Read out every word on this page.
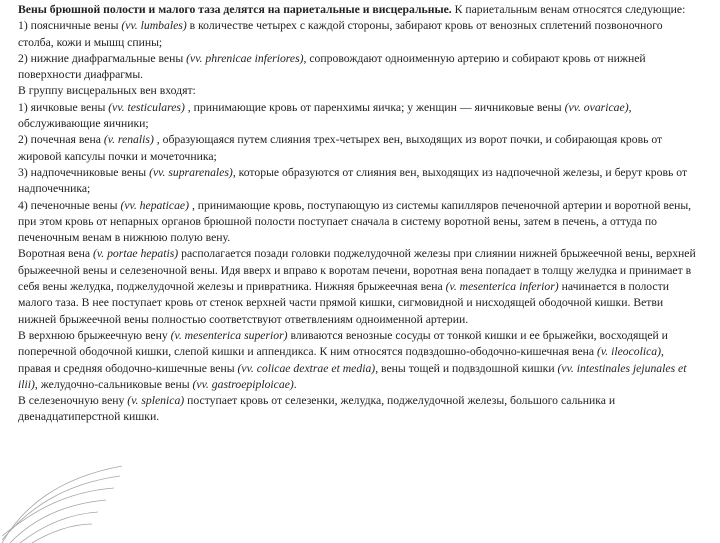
Вены брюшной полости и малого таза делятся на париетальные и висцеральные. К париетальным венам относятся следующие:

1) поясничные вены (vv. lumbales) в количестве четырех с каждой стороны, забирают кровь от венозных сплетений позвоночного столба, кожи и мышц спины;

2) нижние диафрагмальные вены (vv. phrenicae inferiores), сопровождают одноименную артерию и собирают кровь от нижней поверхности диафрагмы.

В группу висцеральных вен входят:

1) яичковые вены (vv. testiculares) , принимающие кровь от паренхимы яичка; у женщин — яичниковые вены (vv. ovaricae), обслуживающие яичники;

2) почечная вена (v. renalis) , образующаяся путем слияния трех-четырех вен, выходящих из ворот почки, и собирающая кровь от жировой капсулы почки и мочеточника;

3) надпочечниковые вены (vv. suprarenales), которые образуются от слияния вен, выходящих из надпочечной железы, и берут кровь от надпочечника;

4) печеночные вены (vv. hepaticae) , принимающие кровь, поступающую из системы капилляров печеночной артерии и воротной вены, при этом кровь от непарных органов брюшной полости поступает сначала в систему воротной вены, затем в печень, а оттуда по печеночным венам в нижнюю полую вену.

Воротная вена (v. portae hepatis) располагается позади головки поджелудочной железы при слиянии нижней брыжеечной вены, верхней брыжеечной вены и селезеночной вены. Идя вверх и вправо к воротам печени, воротная вена попадает в толщу желудка и принимает в себя вены желудка, поджелудочной железы и привратника. Нижняя брыжеечная вена (v. mesenterica inferior) начинается в полости малого таза. В нее поступает кровь от стенок верхней части прямой кишки, сигмовидной и нисходящей ободочной кишки. Ветви нижней брыжеечной вены полностью соответствуют ответвлениям одноименной артерии.

В верхнюю брыжеечную вену (v. mesenterica superior) вливаются венозные сосуды от тонкой кишки и ее брыжейки, восходящей и поперечной ободочной кишки, слепой кишки и аппендикса. К ним относятся подвздошно-ободочно-кишечная вена (v. ileocolica), правая и средняя ободочно-кишечные вены (vv. colicae dextrae et media), вены тощей и подвздошной кишки (vv. intestinales jejunales et ilii), желудочно-сальниковые вены (vv. gastroepiploicae).

В селезеночную вену (v. splenica) поступает кровь от селезенки, желудка, поджелудочной железы, большого сальника и двенадцатиперстной кишки.
